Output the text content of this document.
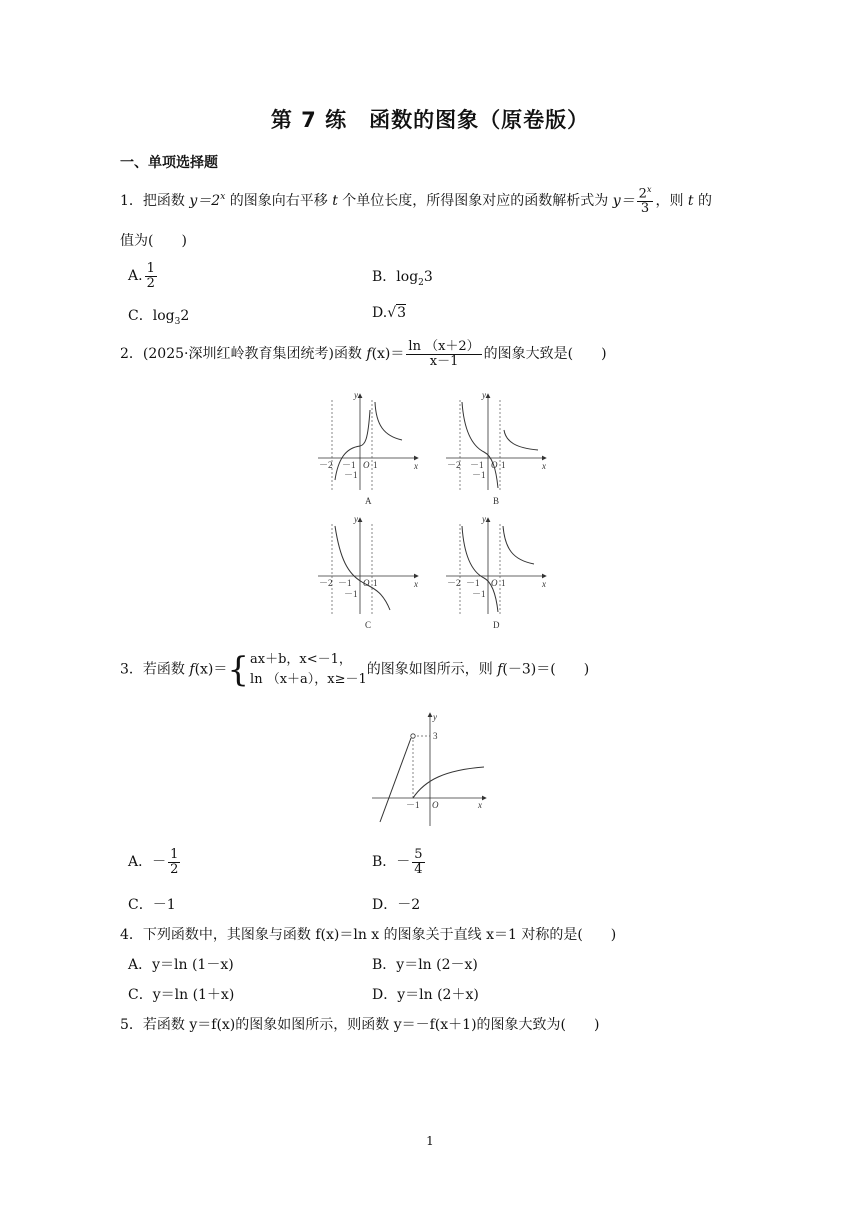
第 7 练　函数的图象（原卷版）
一、单项选择题
1．把函数 $y=2^x$ 的图象向右平移 t 个单位长度，所得图象对应的函数解析式为 $y= \frac{2^x}{3}$ ，则 t 的
值为(　　)
A. $\frac{1}{2}$	B．$\log_23$
C．$\log_32$	D.√3
2．(2025·深圳红岭教育集团统考)函数 $f(x)= \frac{\ln (x+2)}{x-1}$ 的图象大致是(　　)
y
x
－2 －1 O 1
－1
A
y
x
－2 －1 O 1
－1
B
y
x
－2 －1 O 1
－1
C
y
x
－2 －1 O 1
－1
D
3．若函数 f(x)＝{ ax＋b，x<－1，
ln （x＋a），x≥－1
的图象如图所示，则 f(－3)＝(　　)
y
x
3
－1 O
A．－ $\frac{1}{2}$	B．－ $\frac{5}{4}$
C．－1	D．－2
4．下列函数中，其图象与函数 f(x)＝ln x 的图象关于直线 x＝1 对称的是(　　)
A．y＝ln (1－x)	B．y＝ln (2－x)
C．y＝ln (1＋x)	D．y＝ln (2＋x)
5．若函数 y＝f(x)的图象如图所示，则函数 y＝－f(x＋1)的图象大致为(　　)
1
